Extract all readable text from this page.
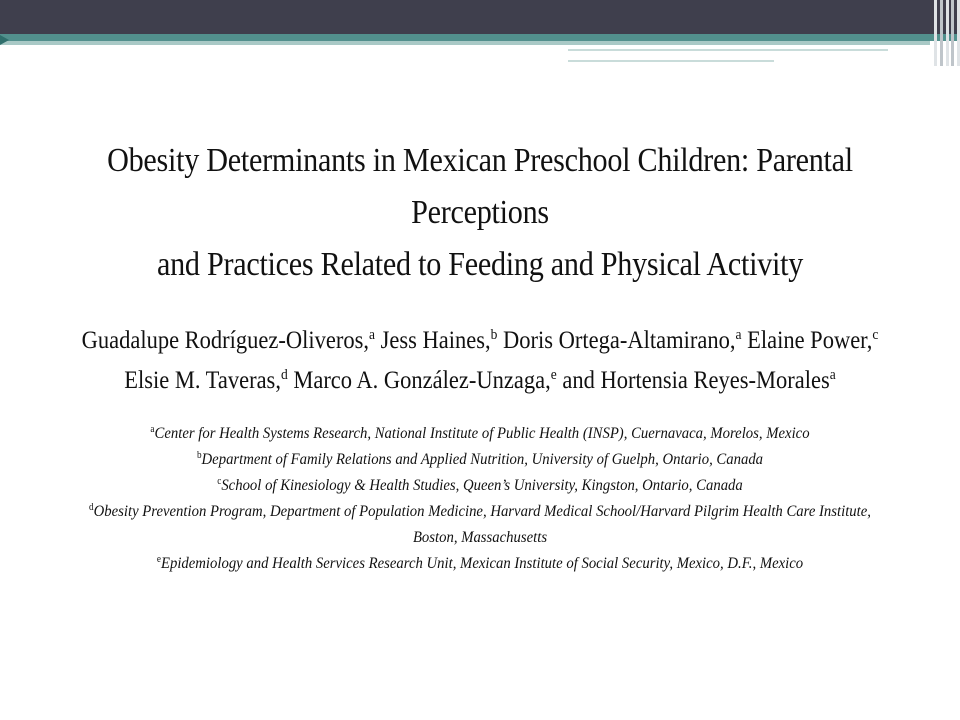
Obesity Determinants in Mexican Preschool Children: Parental Perceptions
and Practices Related to Feeding and Physical Activity
Guadalupe Rodríguez-Oliveros,$^a$ Jess Haines,$^b$ Doris Ortega-Altamirano,$^a$ Elaine Power,$^c$
Elsie M. Taveras,$^d$ Marco A. González-Unzaga,$^e$ and Hortensia Reyes-Morales$^a$
$^a$Center for Health Systems Research, National Institute of Public Health (INSP), Cuernavaca, Morelos, Mexico
$^b$Department of Family Relations and Applied Nutrition, University of Guelph, Ontario, Canada
$^c$School of Kinesiology & Health Studies, Queen’s University, Kingston, Ontario, Canada
$^d$Obesity Prevention Program, Department of Population Medicine, Harvard Medical School/Harvard Pilgrim Health Care Institute,
Boston, Massachusetts
$^e$Epidemiology and Health Services Research Unit, Mexican Institute of Social Security, Mexico, D.F., Mexico
